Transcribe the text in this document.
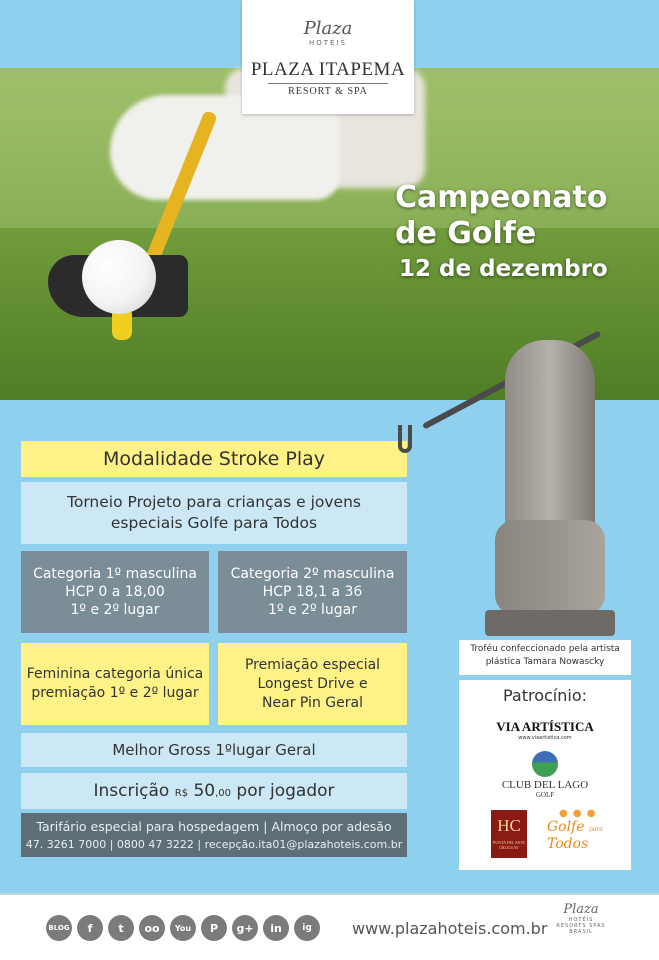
Campeonato
de Golfe
12 de dezembro
Plaza
HOTÉIS
PLAZA ITAPEMA
RESORT & SPA
Modalidade Stroke Play
Torneio Projeto para crianças e jovens
especiais Golfe para Todos
Categoria 1º masculina
HCP 0 a 18,00
1º e 2º lugar
Categoria 2º masculina
HCP 18,1 a 36
1º e 2º lugar
Feminina categoria única
premiação 1º e 2º lugar
Premiação especial
Longest Drive e
Near Pin Geral
Melhor Gross 1ºlugar Geral
Inscrição R$ 50,00 por jogador
Tarifário especial para hospedagem | Almoço por adesão
47. 3261 7000 | 0800 47 3222 | recepção.ita01@plazahoteis.com.br
Troféu confeccionado pela artista
plástica Tamara Nowascky
Patrocínio:
VIA ARTÍSTICA
www.viaartistica.com
CLUB DEL LAGO
GOLF
HC
PUNTA DEL ESTE URUGUAY
● ● ●
Golfe para
Todos
BLOG	f	t	oo	You	P	g+	in	ig	www.plazahoteis.com.br
Plaza
HOTÉIS RESORTS SPAS BRASIL
